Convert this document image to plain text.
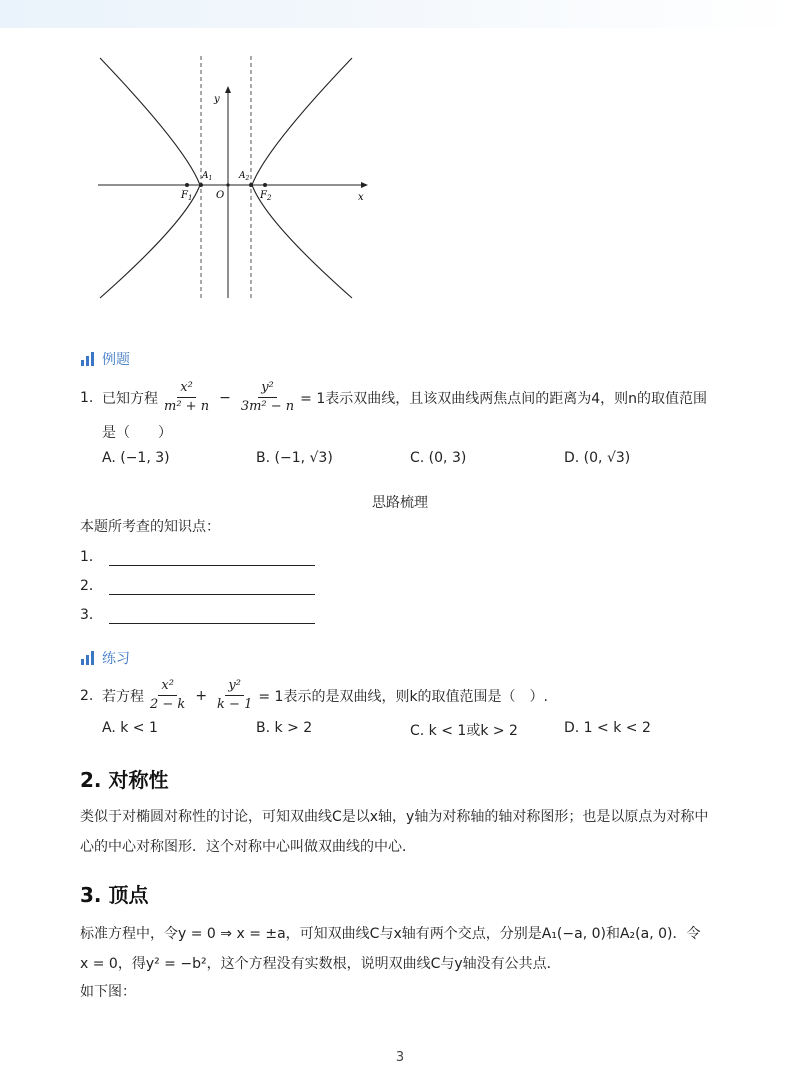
y
x
O
$F_1$	$F_2$
$A_1$	$A_2$
例题
1. 已知方程 $\frac{\text{x²}}{\text{m² + n}} - \frac{\text{y²}}{\text{3m² − n}} = 1$表示双曲线，且该双曲线两焦点间的距离为4，则n的取值范围
是（　　）
A. (−1, 3)	B. (−1, √3)	C. (0, 3)	D. (0, √3)
思路梳理
本题所考查的知识点：
1．
2．
3．
练习
2. 若方程 $\frac{\text{x²}}{2 - k} + \frac{\text{y²}}{k - 1} = 1$表示的是双曲线，则k的取值范围是（　）.
A. k < 1	B. k > 2	C. k < 1或k > 2	D. 1 < k < 2
2. 对称性
类似于对椭圆对称性的讨论，可知双曲线C是以x轴，y轴为对称轴的轴对称图形；也是以原点为对称中
心的中心对称图形．这个对称中心叫做双曲线的中心．
3. 顶点
标准方程中，令y = 0 ⇒ x = ±a，可知双曲线C与x轴有两个交点，分别是A₁(−a, 0)和A₂(a, 0)．令
x = 0，得y² = −b²，这个方程没有实数根，说明双曲线C与y轴没有公共点．
如下图：
3
